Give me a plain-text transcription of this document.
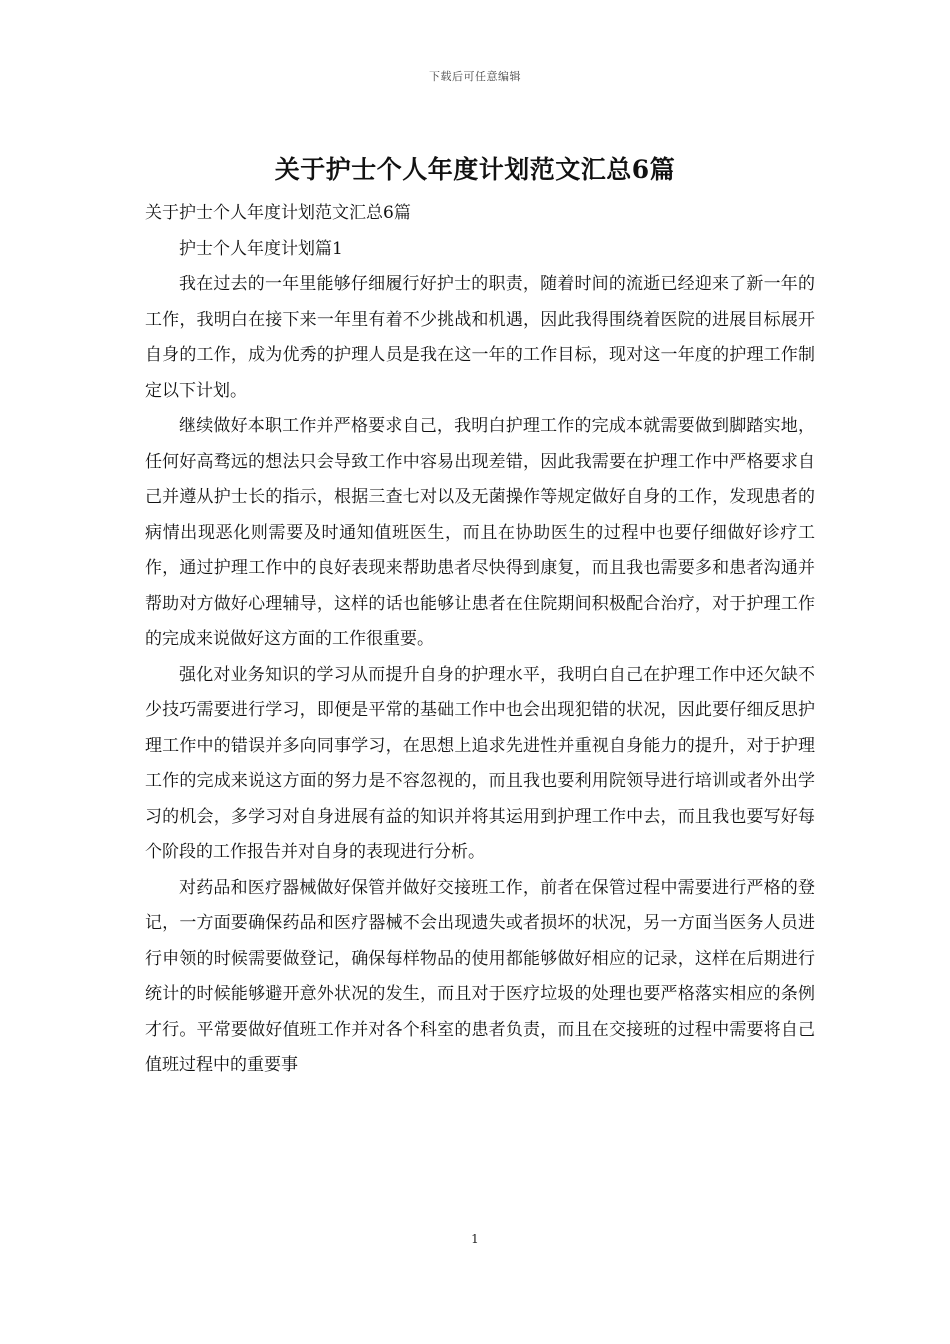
下载后可任意编辑
关于护士个人年度计划范文汇总6篇

关于护士个人年度计划范文汇总6篇

护士个人年度计划篇1

我在过去的一年里能够仔细履行好护士的职责，随着时间的流逝已经迎来了新一年的工作，我明白在接下来一年里有着不少挑战和机遇，因此我得围绕着医院的进展目标展开自身的工作，成为优秀的护理人员是我在这一年的工作目标，现对这一年度的护理工作制定以下计划。

继续做好本职工作并严格要求自己，我明白护理工作的完成本就需要做到脚踏实地，任何好高骛远的想法只会导致工作中容易出现差错，因此我需要在护理工作中严格要求自己并遵从护士长的指示，根据三查七对以及无菌操作等规定做好自身的工作，发现患者的病情出现恶化则需要及时通知值班医生，而且在协助医生的过程中也要仔细做好诊疗工作，通过护理工作中的良好表现来帮助患者尽快得到康复，而且我也需要多和患者沟通并帮助对方做好心理辅导，这样的话也能够让患者在住院期间积极配合治疗，对于护理工作的完成来说做好这方面的工作很重要。

强化对业务知识的学习从而提升自身的护理水平，我明白自己在护理工作中还欠缺不少技巧需要进行学习，即便是平常的基础工作中也会出现犯错的状况，因此要仔细反思护理工作中的错误并多向同事学习，在思想上追求先进性并重视自身能力的提升，对于护理工作的完成来说这方面的努力是不容忽视的，而且我也要利用院领导进行培训或者外出学习的机会，多学习对自身进展有益的知识并将其运用到护理工作中去，而且我也要写好每个阶段的工作报告并对自身的表现进行分析。

对药品和医疗器械做好保管并做好交接班工作，前者在保管过程中需要进行严格的登记，一方面要确保药品和医疗器械不会出现遗失或者损坏的状况，另一方面当医务人员进行申领的时候需要做登记，确保每样物品的使用都能够做好相应的记录，这样在后期进行统计的时候能够避开意外状况的发生，而且对于医疗垃圾的处理也要严格落实相应的条例才行。平常要做好值班工作并对各个科室的患者负责，而且在交接班的过程中需要将自己值班过程中的重要事

1
